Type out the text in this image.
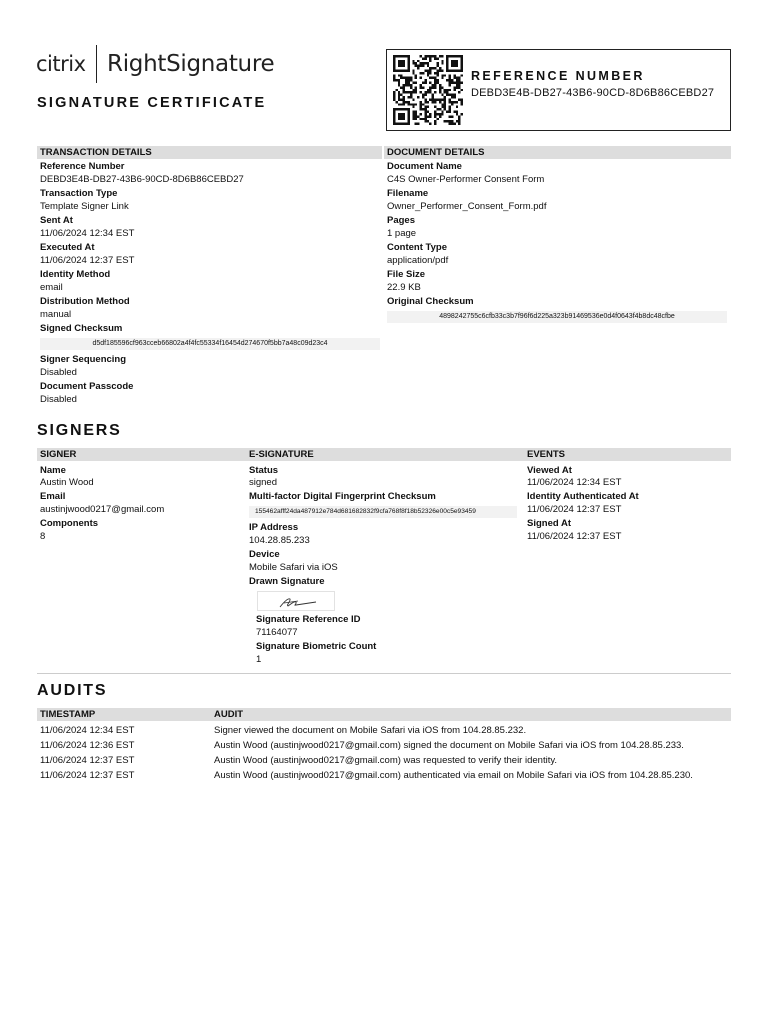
citrix RightSignature
SIGNATURE CERTIFICATE
REFERENCE NUMBER
DEBD3E4B-DB27-43B6-90CD-8D6B86CEBD27
TRANSACTION DETAILS	DOCUMENT DETAILS
Reference Number
DEBD3E4B-DB27-43B6-90CD-8D6B86CEBD27
Transaction Type
Template Signer Link
Sent At
11/06/2024 12:34 EST
Executed At
11/06/2024 12:37 EST
Identity Method
email
Distribution Method
manual
Signed Checksum
d5df185596cf963cceb66802a4f4fc55334f16454d274670f5bb7a48c09d23c4
Signer Sequencing
Disabled
Document Passcode
Disabled
Document Name
C4S Owner-Performer Consent Form
Filename
Owner_Performer_Consent_Form.pdf
Pages
1 page
Content Type
application/pdf
File Size
22.9 KB
Original Checksum
4898242755c6cfb33c3b7f96f6d225a323b91469536e0d4f0643f4b8dc48cfbe
SIGNERS
SIGNER	E-SIGNATURE	EVENTS
Name
Austin Wood
Email
austinjwood0217@gmail.com
Components
8
Status
signed
Multi-factor Digital Fingerprint Checksum
155462afff24da487912e784d681682832f9cfa768f8f18b52326e00c5e93459
IP Address
104.28.85.233
Device
Mobile Safari via iOS
Drawn Signature
Signature Reference ID
71164077
Signature Biometric Count
1
Viewed At
11/06/2024 12:34 EST
Identity Authenticated At
11/06/2024 12:37 EST
Signed At
11/06/2024 12:37 EST
AUDITS
TIMESTAMP	AUDIT
11/06/2024 12:34 EST	Signer viewed the document on Mobile Safari via iOS from 104.28.85.232.
11/06/2024 12:36 EST	Austin Wood (austinjwood0217@gmail.com) signed the document on Mobile Safari via iOS from 104.28.85.233.
11/06/2024 12:37 EST	Austin Wood (austinjwood0217@gmail.com) was requested to verify their identity.
11/06/2024 12:37 EST	Austin Wood (austinjwood0217@gmail.com) authenticated via email on Mobile Safari via iOS from 104.28.85.230.
